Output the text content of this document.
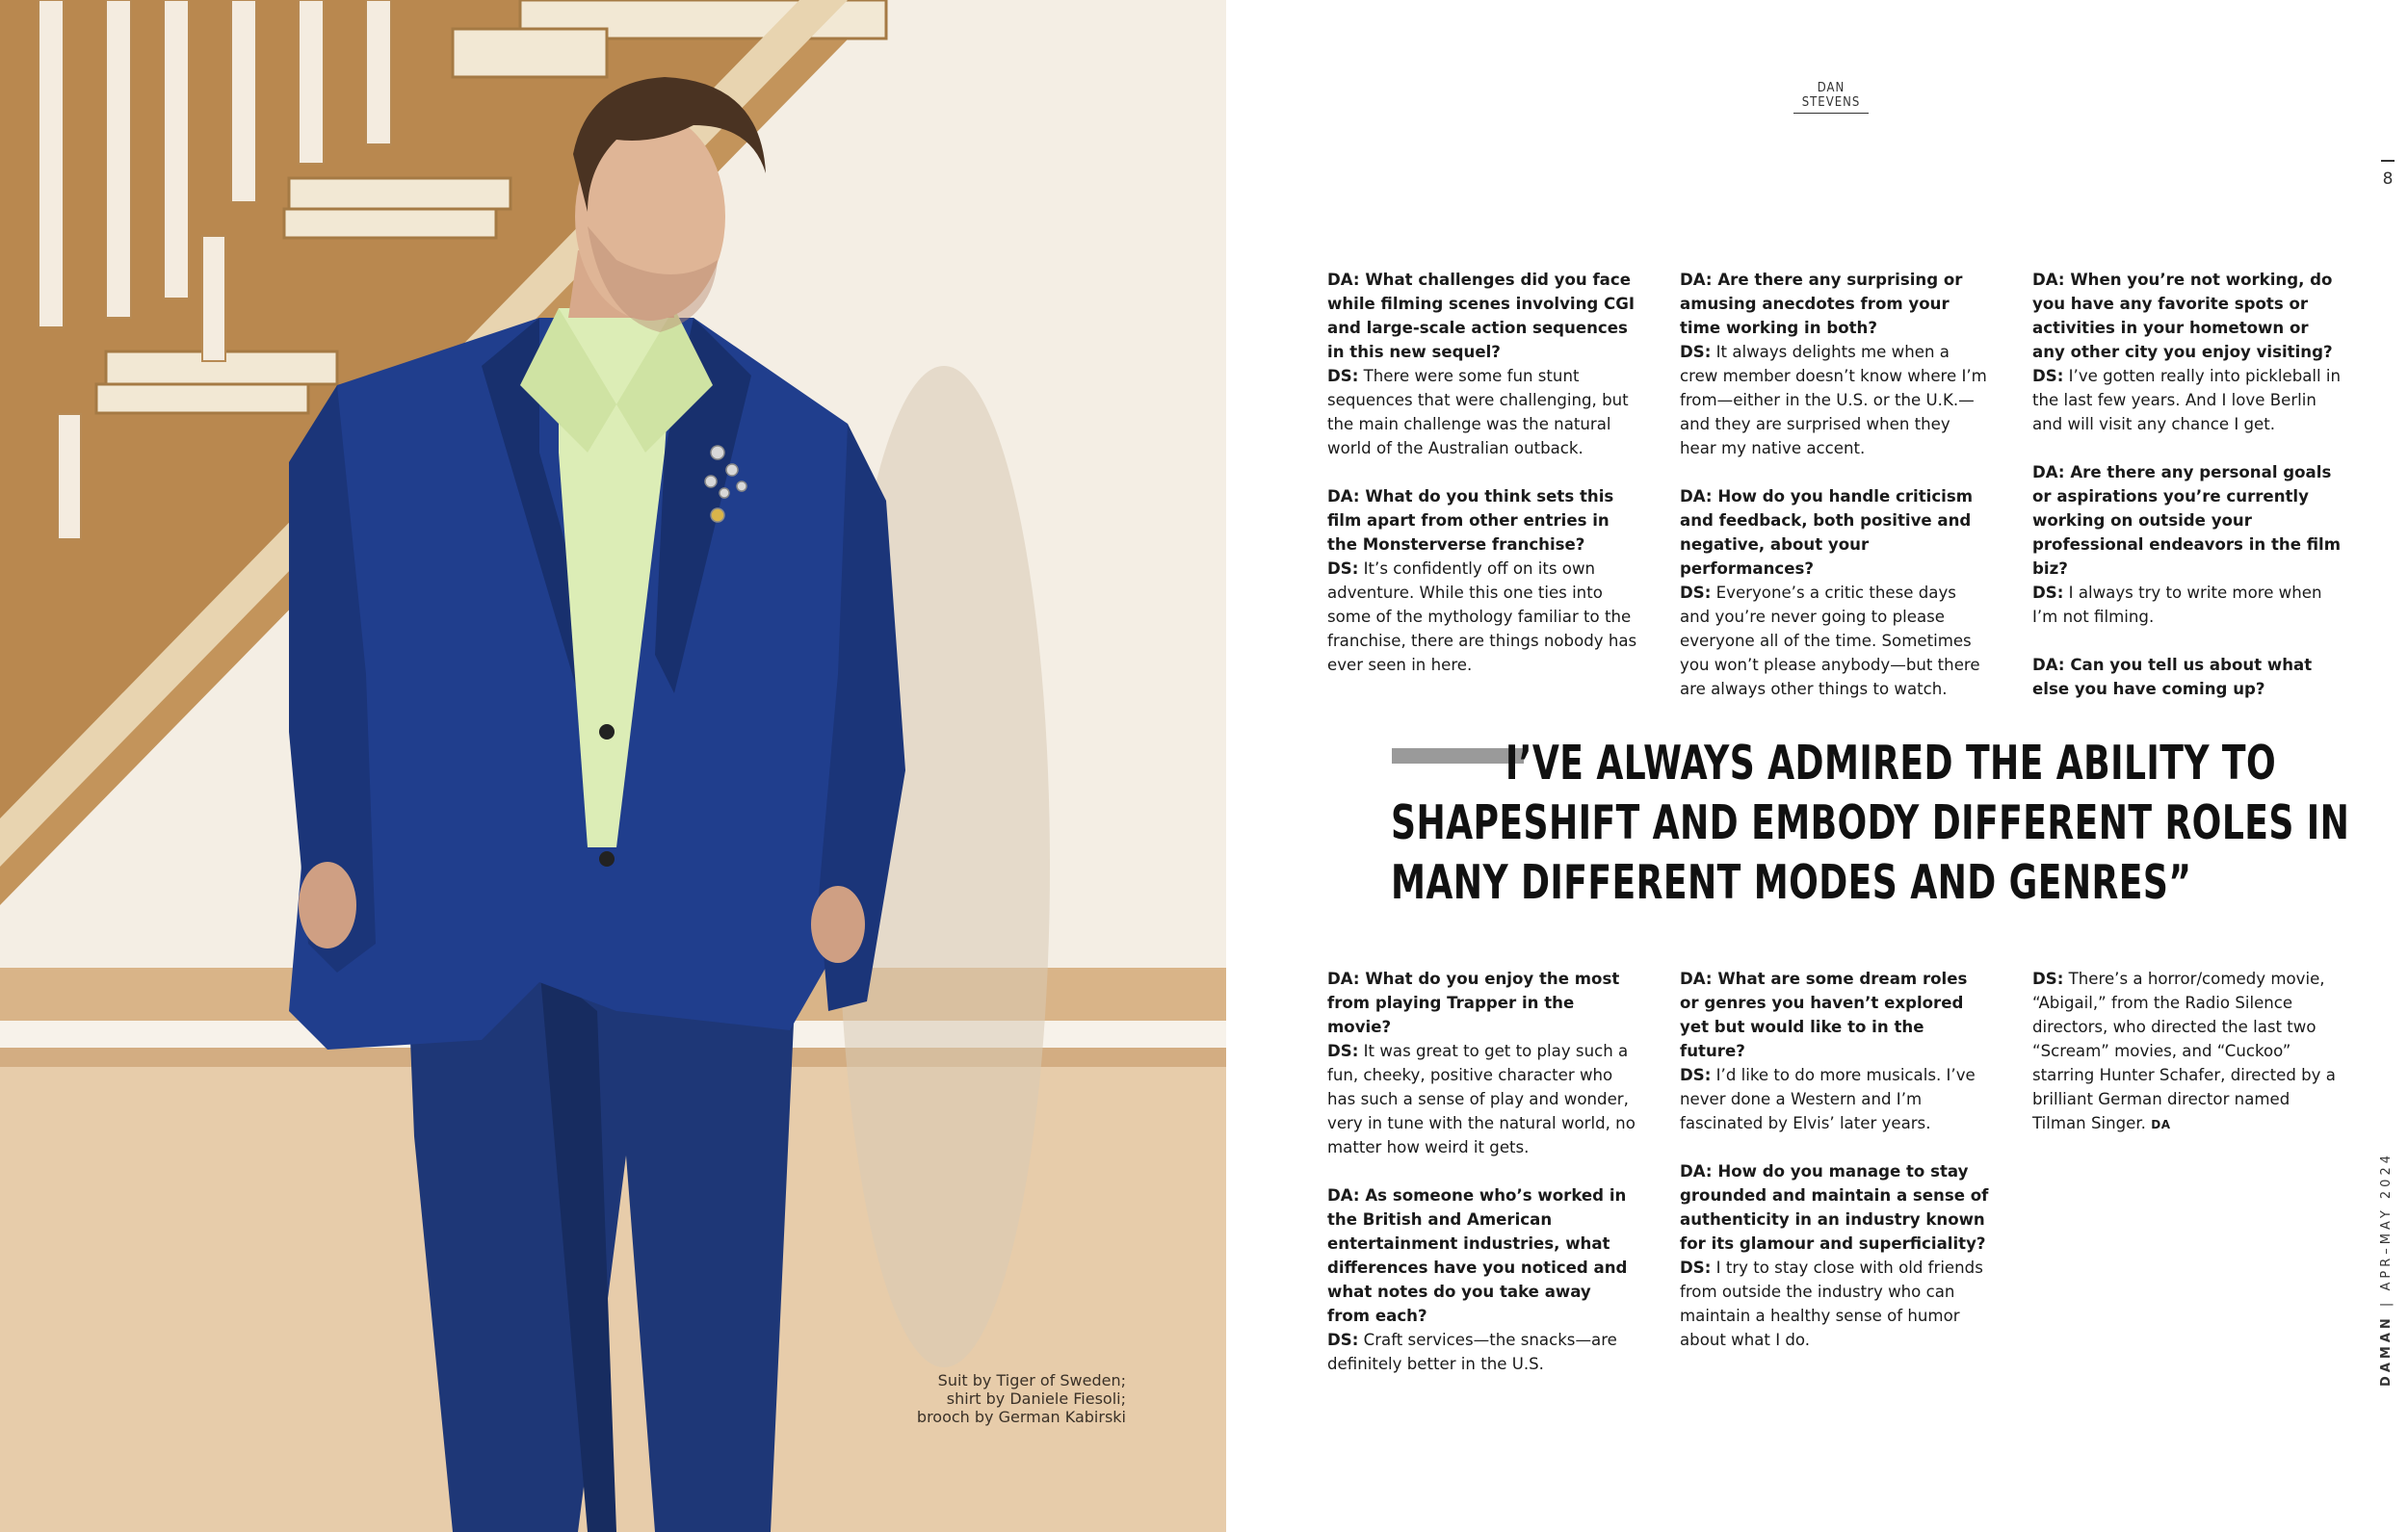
Suit by Tiger of Sweden;
shirt by Daniele Fiesoli;
brooch by German Kabirski
DAN STEVENS
8
DA: What challenges did you face while filming scenes involving CGI and large-scale action sequences in this new sequel?
DS: There were some fun stunt sequences that were challenging, but the main challenge was the natural world of the Australian outback.
DA: What do you think sets this film apart from other entries in the Monsterverse franchise?
DS: It’s confidently off on its own adventure. While this one ties into some of the mythology familiar to the franchise, there are things nobody has ever seen in here.
DA: Are there any surprising or amusing anecdotes from your time working in both?
DS: It always delights me when a crew member doesn’t know where I’m from—either in the U.S. or the U.K.—and they are surprised when they hear my native accent.
DA: How do you handle criticism and feedback, both positive and negative, about your performances?
DS: Everyone’s a critic these days and you’re never going to please everyone all of the time. Sometimes you won’t please anybody—but there are always other things to watch.
DA: When you’re not working, do you have any favorite spots or activities in your hometown or any other city you enjoy visiting?
DS: I’ve gotten really into pickleball in the last few years. And I love Berlin and will visit any chance I get.
DA: Are there any personal goals or aspirations you’re currently working on outside your professional endeavors in the film biz?
DS: I always try to write more when I’m not filming.
DA: Can you tell us about what else you have coming up?
I’VE ALWAYS ADMIRED THE ABILITY TO
SHAPESHIFT AND EMBODY DIFFERENT ROLES IN
MANY DIFFERENT MODES AND GENRES”
DA: What do you enjoy the most from playing Trapper in the movie?
DS: It was great to get to play such a fun, cheeky, positive character who has such a sense of play and wonder, very in tune with the natural world, no matter how weird it gets.
DA: As someone who’s worked in the British and American entertainment industries, what differences have you noticed and what notes do you take away from each?
DS: Craft services—the snacks—are definitely better in the U.S.
DA: What are some dream roles or genres you haven’t explored yet but would like to in the future?
DS: I’d like to do more musicals. I’ve never done a Western and I’m fascinated by Elvis’ later years.
DA: How do you manage to stay grounded and maintain a sense of authenticity in an industry known for its glamour and superficiality?
DS: I try to stay close with old friends from outside the industry who can maintain a healthy sense of humor about what I do.
DS: There’s a horror/comedy movie, “Abigail,” from the Radio Silence directors, who directed the last two “Scream” movies, and “Cuckoo” starring Hunter Schafer, directed by a brilliant German director named Tilman Singer. DA
DAMAN | APR–MAY 2024
